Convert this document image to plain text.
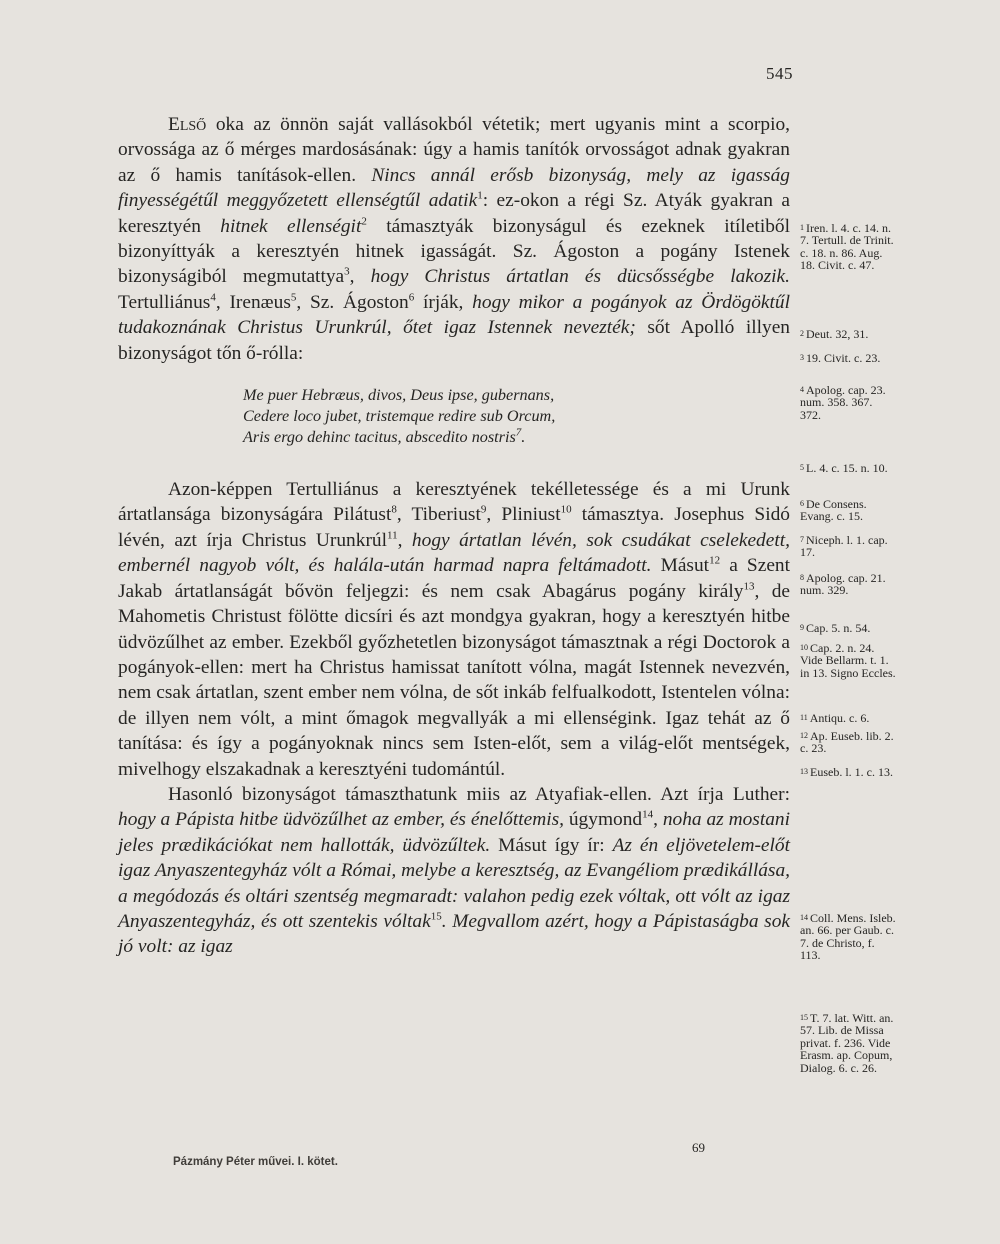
545

Első oka az önnön saját vallásokból vétetik; mert ugyanis mint a scorpio, orvossága az ő mérges mardosásának: úgy a hamis tanítók orvosságot adnak gyakran az ő hamis tanítások-ellen. Nincs annál erősb bizonyság, mely az igasság finyességétűl meggyőzetett ellenségtűl adatik$^1$: ez-okon a régi Sz. Atyák gyakran a keresztyén hitnek ellenségit$^2$ támasztyák bizonyságul és ezeknek itíletiből bizonyíttyák a keresztyén hitnek igasságát. Sz. Ágoston a pogány Istenek bizonyságiból megmutattya$^3$, hogy Christus ártatlan és dücsősségbe lakozik. Tertulliánus$^4$, Irenæus$^5$, Sz. Ágoston$^6$ írják, hogy mikor a pogányok az Ördögöktűl tudakoznának Christus Urunkrúl, őtet igaz Istennek nevezték; sőt Apolló illyen bizonyságot tőn ő-rólla:

Me puer Hebræus, divos, Deus ipse, gubernans,
Cedere loco jubet, tristemque redire sub Orcum,
Aris ergo dehinc tacitus, abscedito nostris$^7$.

Azon-képpen Tertulliánus a keresztyének tekélletessége és a mi Urunk ártatlansága bizonyságára Pilátust$^8$, Tiberiust$^9$, Pliniust$^{10}$ támasztya. Josephus Sidó lévén, azt írja Christus Urunkrúl$^{11}$, hogy ártatlan lévén, sok csudákat cselekedett, embernél nagyob vólt, és halála-után harmad napra feltámadott. Másut$^{12}$ a Szent Jakab ártatlanságát bővön feljegzi: és nem csak Abagárus pogány király$^{13}$, de Mahometis Christust fölötte dicsíri és azt mondgya gyakran, hogy a keresztyén hitbe üdvözűlhet az ember. Ezekből győzhetetlen bizonyságot támasztnak a régi Doctorok a pogányok-ellen: mert ha Christus hamissat tanított vólna, magát Istennek nevezvén, nem csak ártatlan, szent ember nem vólna, de sőt inkáb felfualkodott, Istentelen vólna: de illyen nem vólt, a mint őmagok megvallyák a mi ellenségink. Igaz tehát az ő tanítása: és így a pogányoknak nincs sem Isten-előt, sem a világ-előt mentségek, mivelhogy elszakadnak a keresztyéni tudomántúl.

Hasonló bizonyságot támaszthatunk miis az Atyafiak-ellen. Azt írja Luther: hogy a Pápista hitbe üdvözűlhet az ember, és énelőttemis, úgymond$^{14}$, noha az mostani jeles prædikációkat nem hallották, üdvözűltek. Másut így ír: Az én eljövetelem-előt igaz Anyaszentegyház vólt a Római, melybe a keresztség, az Evangéliom prædikállása, a megódozás és oltári szentség megmaradt: valahon pedig ezek vóltak, ott vólt az igaz Anyaszentegyház, és ott szentekis vóltak$^{15}$. Megvallom azért, hogy a Pápistaságba sok jó volt: az igaz

$^1$ Iren. l. 4. c. 14. n. 7. Tertull. de Trinit. c. 18. n. 86. Aug. 18. Civit. c. 47.
$^2$ Deut. 32, 31.
$^3$ 19. Civit. c. 23.
$^4$ Apolog. cap. 23. num. 358. 367. 372.
$^5$ L. 4. c. 15. n. 10.
$^6$ De Consens. Evang. c. 15.
$^7$ Niceph. l. 1. cap. 17.
$^8$ Apolog. cap. 21. num. 329.
$^9$ Cap. 5. n. 54.
$^{10}$ Cap. 2. n. 24. Vide Bellarm. t. 1. in 13. Signo Eccles.
$^{11}$ Antiqu. c. 6.
$^{12}$ Ap. Euseb. lib. 2. c. 23.
$^{13}$ Euseb. l. 1. c. 13.
$^{14}$ Coll. Mens. Isleb. an. 66. per Gaub. c. 7. de Christo, f. 113.
$^{15}$ T. 7. lat. Witt. an. 57. Lib. de Missa privat. f. 236. Vide Erasm. ap. Copum, Dialog. 6. c. 26.
69
Pázmány Péter művei. I. kötet.
